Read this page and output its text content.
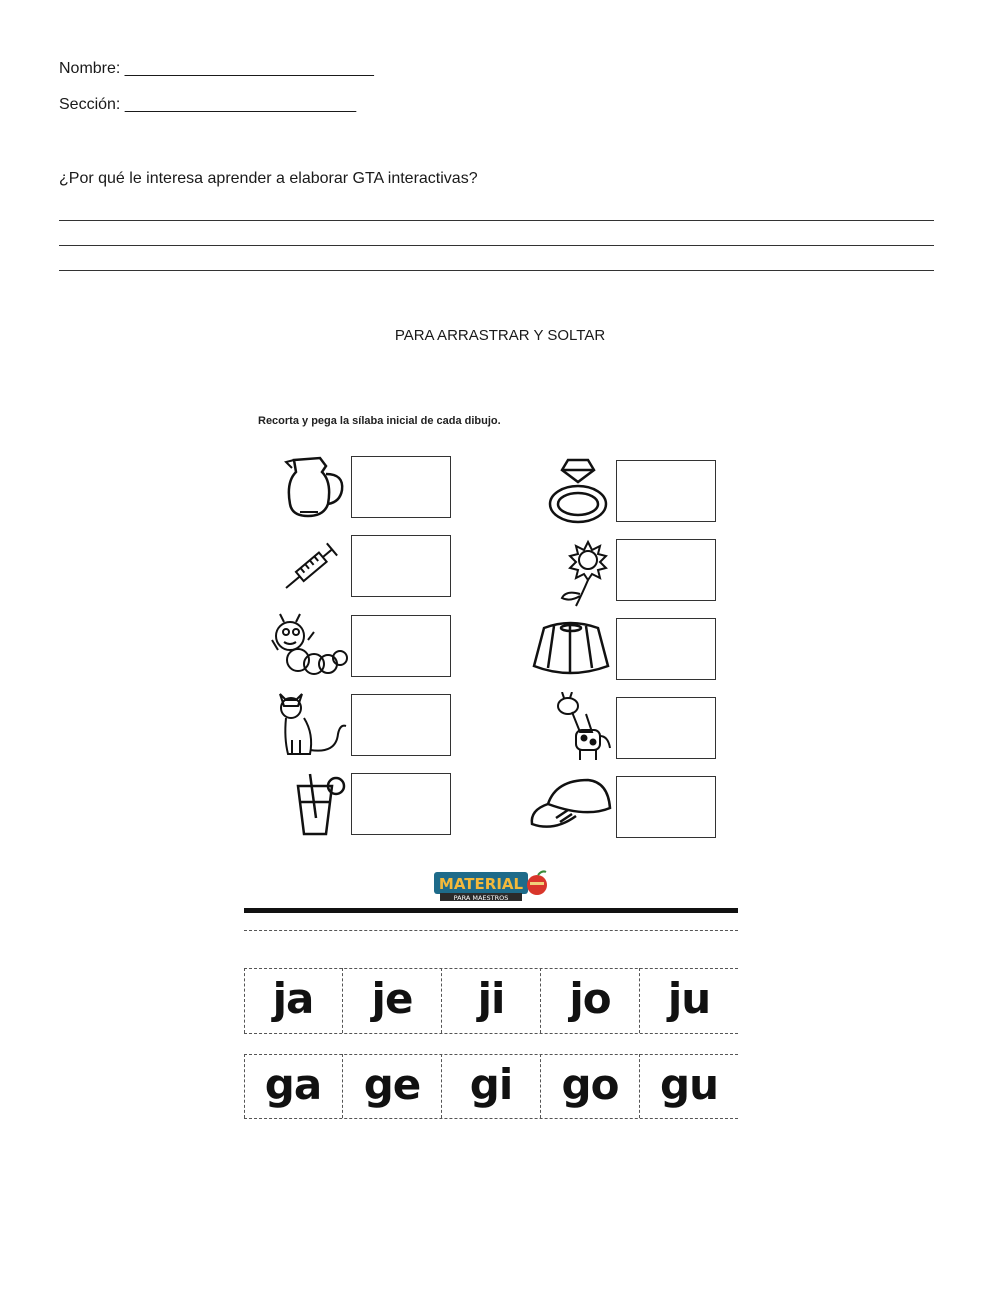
Nombre: ____________________________
Sección: __________________________
¿Por qué le interesa aprender a elaborar GTA interactivas?
PARA ARRASTRAR Y SOLTAR
Recorta y pega la sílaba inicial de cada dibujo.
MATERIAL
PARA MAESTROS
ja	je	ji	jo	ju
ga	ge	gi	go gu
